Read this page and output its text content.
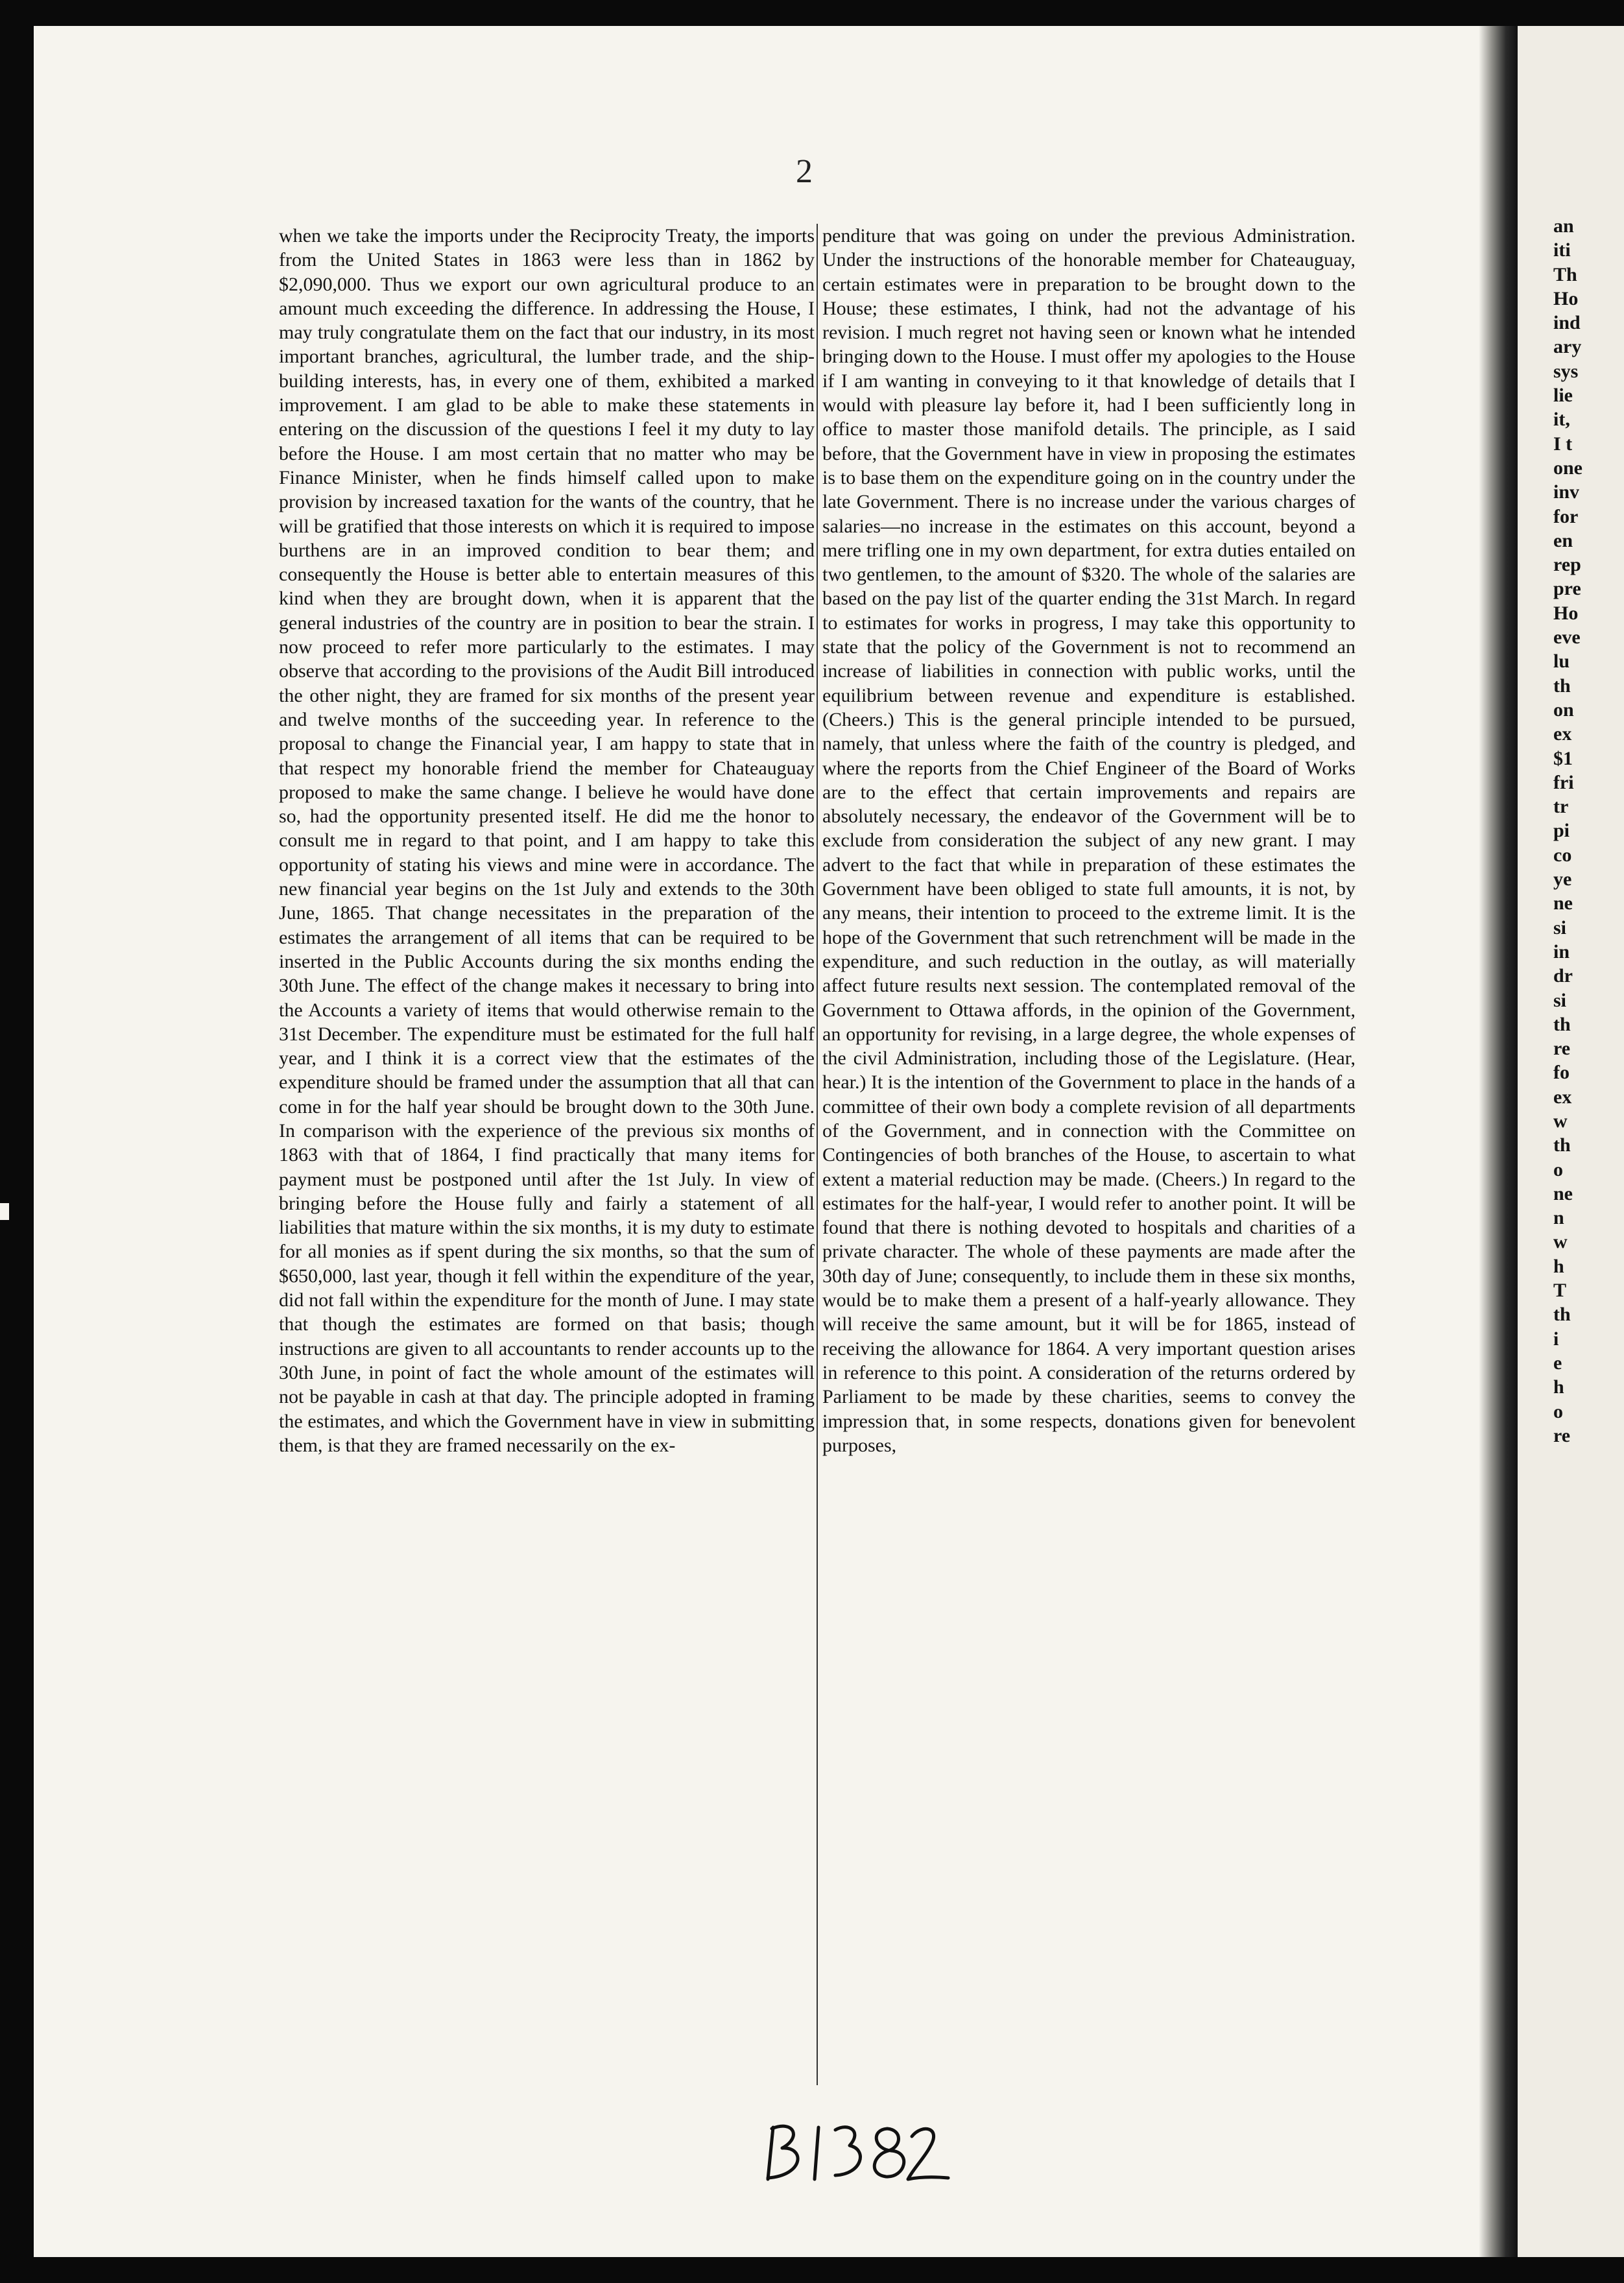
2

when we take the imports under the Reciprocity Treaty, the imports from the United States in 1863 were less than in 1862 by $2,090,000. Thus we export our own agricultural produce to an amount much exceeding the difference. In addressing the House, I may truly congratulate them on the fact that our industry, in its most important branches, agricultural, the lumber trade, and the ship-building interests, has, in every one of them, exhibited a marked improvement. I am glad to be able to make these statements in entering on the discussion of the questions I feel it my duty to lay before the House. I am most certain that no matter who may be Finance Minister, when he finds himself called upon to make provision by increased taxation for the wants of the country, that he will be gratified that those interests on which it is required to impose burthens are in an improved condition to bear them; and consequently the House is better able to entertain measures of this kind when they are brought down, when it is apparent that the general industries of the country are in position to bear the strain. I now proceed to refer more particularly to the estimates. I may observe that according to the provisions of the Audit Bill introduced the other night, they are framed for six months of the present year and twelve months of the succeeding year. In reference to the proposal to change the Financial year, I am happy to state that in that respect my honorable friend the member for Chateauguay proposed to make the same change. I believe he would have done so, had the opportunity presented itself. He did me the honor to consult me in regard to that point, and I am happy to take this opportunity of stating his views and mine were in accordance. The new financial year begins on the 1st July and extends to the 30th June, 1865. That change necessitates in the preparation of the estimates the arrangement of all items that can be required to be inserted in the Public Accounts during the six months ending the 30th June. The effect of the change makes it necessary to bring into the Accounts a variety of items that would otherwise remain to the 31st December. The expenditure must be estimated for the full half year, and I think it is a correct view that the estimates of the expenditure should be framed under the assumption that all that can come in for the half year should be brought down to the 30th June. In comparison with the experience of the previous six months of 1863 with that of 1864, I find practically that many items for payment must be postponed until after the 1st July. In view of bringing before the House fully and fairly a statement of all liabilities that mature within the six months, it is my duty to estimate for all monies as if spent during the six months, so that the sum of $650,000, last year, though it fell within the expenditure of the year, did not fall within the expenditure for the month of June. I may state that though the estimates are formed on that basis; though instructions are given to all accountants to render accounts up to the 30th June, in point of fact the whole amount of the estimates will not be payable in cash at that day. The principle adopted in framing the estimates, and which the Government have in view in submitting them, is that they are framed necessarily on the ex-

penditure that was going on under the previous Administration. Under the instructions of the honorable member for Chateauguay, certain estimates were in preparation to be brought down to the House; these estimates, I think, had not the advantage of his revision. I much regret not having seen or known what he intended bringing down to the House. I must offer my apologies to the House if I am wanting in conveying to it that knowledge of details that I would with pleasure lay before it, had I been sufficiently long in office to master those manifold details. The principle, as I said before, that the Government have in view in proposing the estimates is to base them on the expenditure going on in the country under the late Government. There is no increase under the various charges of salaries—no increase in the estimates on this account, beyond a mere trifling one in my own department, for extra duties entailed on two gentlemen, to the amount of $320. The whole of the salaries are based on the pay list of the quarter ending the 31st March. In regard to estimates for works in progress, I may take this opportunity to state that the policy of the Government is not to recommend an increase of liabilities in connection with public works, until the equilibrium between revenue and expenditure is established. (Cheers.) This is the general principle intended to be pursued, namely, that unless where the faith of the country is pledged, and where the reports from the Chief Engineer of the Board of Works are to the effect that certain improvements and repairs are absolutely necessary, the endeavor of the Government will be to exclude from consideration the subject of any new grant. I may advert to the fact that while in preparation of these estimates the Government have been obliged to state full amounts, it is not, by any means, their intention to proceed to the extreme limit. It is the hope of the Government that such retrenchment will be made in the expenditure, and such reduction in the outlay, as will materially affect future results next session. The contemplated removal of the Government to Ottawa affords, in the opinion of the Government, an opportunity for revising, in a large degree, the whole expenses of the civil Administration, including those of the Legislature. (Hear, hear.) It is the intention of the Government to place in the hands of a committee of their own body a complete revision of all departments of the Government, and in connection with the Committee on Contingencies of both branches of the House, to ascertain to what extent a material reduction may be made. (Cheers.) In regard to the estimates for the half-year, I would refer to another point. It will be found that there is nothing devoted to hospitals and charities of a private character. The whole of these payments are made after the 30th day of June; consequently, to include them in these six months, would be to make them a present of a half-yearly allowance. They will receive the same amount, but it will be for 1865, instead of receiving the allowance for 1864. A very important question arises in reference to this point. A consideration of the returns ordered by Parliament to be made by these charities, seems to convey the impression that, in some respects, donations given for benevolent purposes,

an
iti
Th
Ho
ind
ary
sys
lie
it,
I t
one
inv
for
en
rep
pre
Ho
eve
lu
th
on
ex
$1
fri
tr
pi
co
ye
ne
si
in
dr
si
th
re
fo
ex
w
th
o
ne
n
w
h
T
th
i
e
h
o
re
